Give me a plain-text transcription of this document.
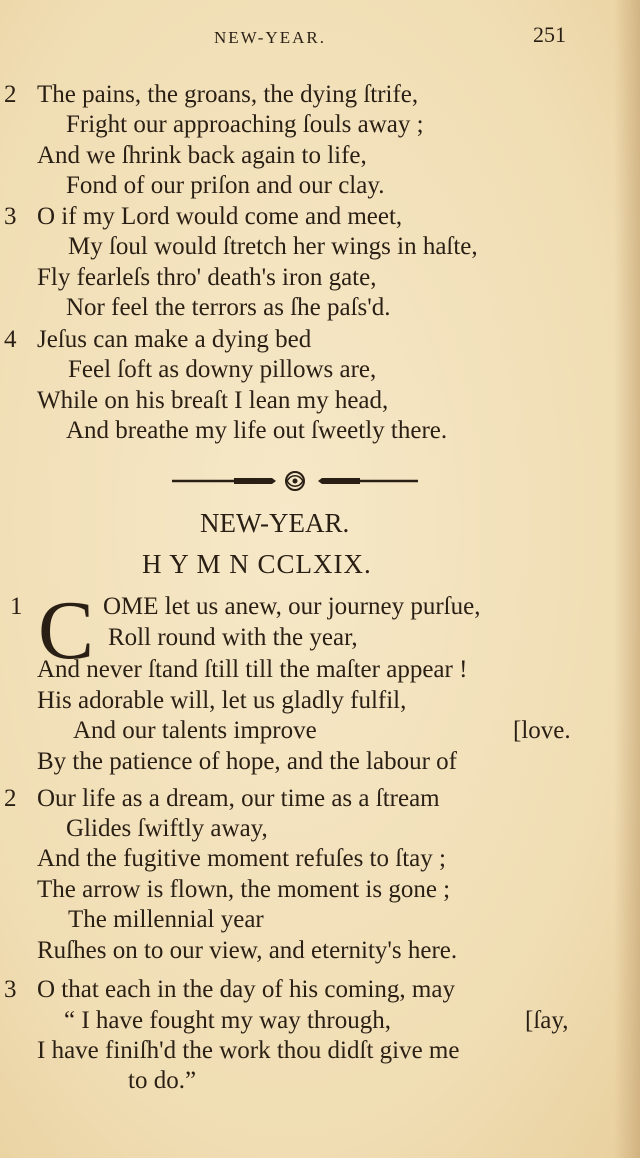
NEW-YEAR.	251
2 The pains, the groans, the dying ſtrife,
Fright our approaching ſouls away ;
And we ſhrink back again to life,
Fond of our priſon and our clay.
3 O if my Lord would come and meet,
My ſoul would ſtretch her wings in haſte,
Fly fearleſs thro' death's iron gate,
Nor feel the terrors as ſhe paſs'd.
4 Jeſus can make a dying bed
Feel ſoft as downy pillows are,
While on his breaſt I lean my head,
And breathe my life out ſweetly there.
NEW-YEAR.
H Y M N CCLXIX.
1 C OME let us anew, our journey purſue,
Roll round with the year,
And never ſtand ſtill till the maſter appear !
His adorable will, let us gladly fulfil,
And our talents improve	[love.
By the patience of hope, and the labour of
2 Our life as a dream, our time as a ſtream
Glides ſwiftly away,
And the fugitive moment refuſes to ſtay ;
The arrow is flown, the moment is gone ;
The millennial year
Ruſhes on to our view, and eternity's here.
3 O that each in the day of his coming, may
“ I have fought my way through,	[ſay,
I have finiſh'd the work thou didſt give me
to do.”
